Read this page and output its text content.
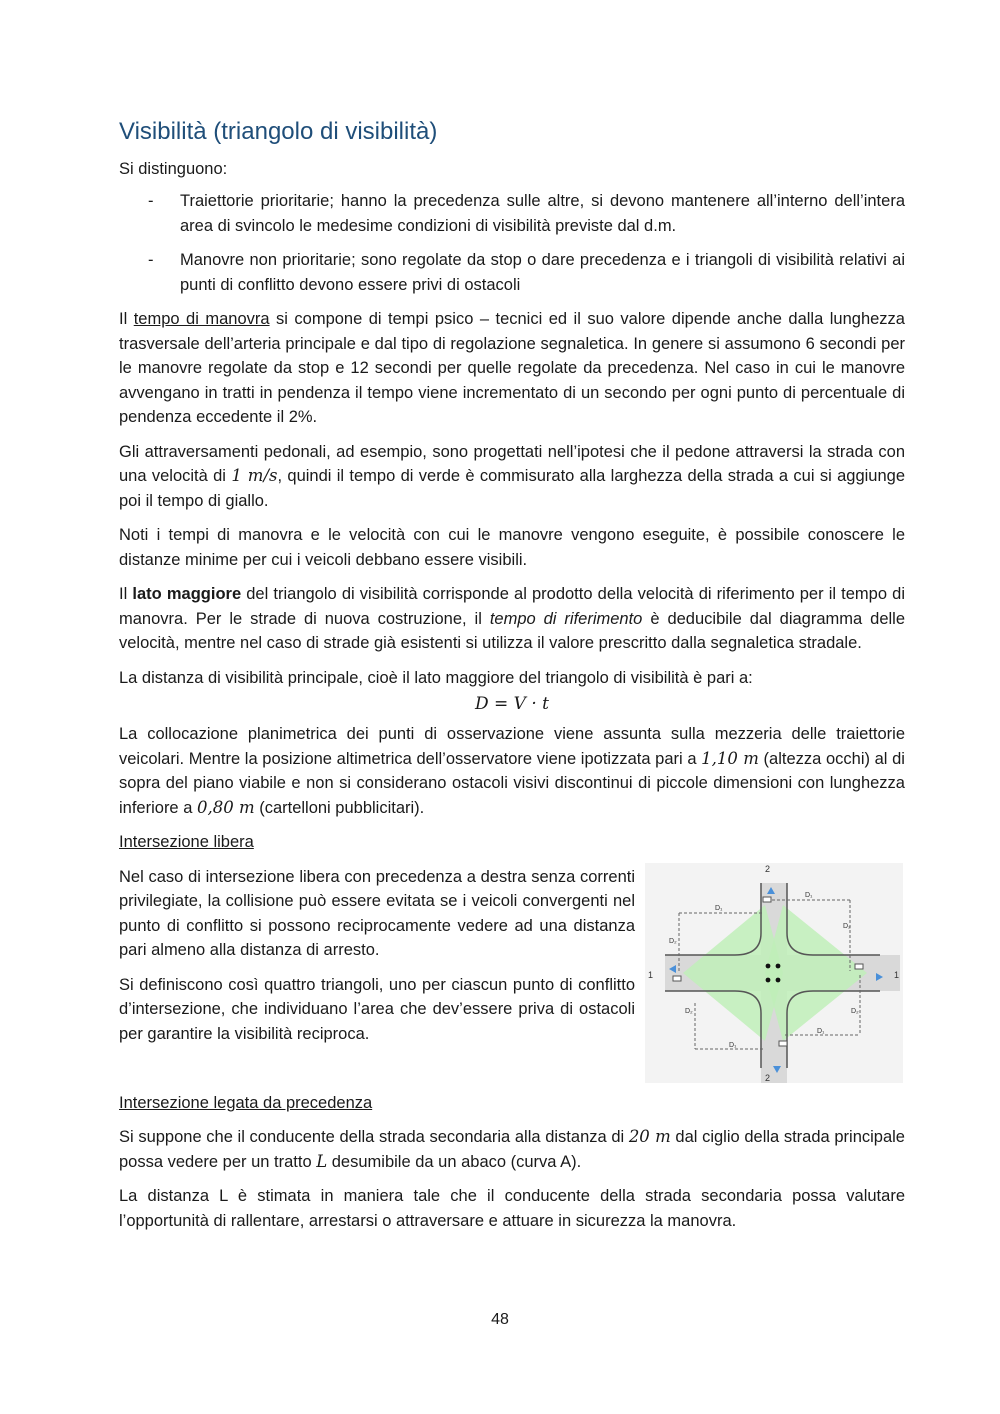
Visibilità (triangolo di visibilità)

Si distinguono:

- Traiettorie prioritarie; hanno la precedenza sulle altre, si devono mantenere all’interno dell’intera area di svincolo le medesime condizioni di visibilità previste dal d.m.
- Manovre non prioritarie; sono regolate da stop o dare precedenza e i triangoli di visibilità relativi ai punti di conflitto devono essere privi di ostacoli

Il tempo di manovra si compone di tempi psico – tecnici ed il suo valore dipende anche dalla lunghezza trasversale dell’arteria principale e dal tipo di regolazione segnaletica. In genere si assumono 6 secondi per le manovre regolate da stop e 12 secondi per quelle regolate da precedenza. Nel caso in cui le manovre avvengano in tratti in pendenza il tempo viene incrementato di un secondo per ogni punto di percentuale di pendenza eccedente il 2%.

Gli attraversamenti pedonali, ad esempio, sono progettati nell’ipotesi che il pedone attraversi la strada con una velocità di 1 m/s, quindi il tempo di verde è commisurato alla larghezza della strada a cui si aggiunge poi il tempo di giallo.

Noti i tempi di manovra e le velocità con cui le manovre vengono eseguite, è possibile conoscere le distanze minime per cui i veicoli debbano essere visibili.

Il lato maggiore del triangolo di visibilità corrisponde al prodotto della velocità di riferimento per il tempo di manovra. Per le strade di nuova costruzione, il tempo di riferimento è deducibile dal diagramma delle velocità, mentre nel caso di strade già esistenti si utilizza il valore prescritto dalla segnaletica stradale.

La distanza di visibilità principale, cioè il lato maggiore del triangolo di visibilità è pari a:

D = V · t

La collocazione planimetrica dei punti di osservazione viene assunta sulla mezzeria delle traiettorie veicolari. Mentre la posizione altimetrica dell’osservatore viene ipotizzata pari a 1,10 m (altezza occhi) al di sopra del piano viabile e non si considerano ostacoli visivi discontinui di piccole dimensioni con lunghezza inferiore a 0,80 m (cartelloni pubblicitari).

Intersezione libera

Nel caso di intersezione libera con precedenza a destra senza correnti privilegiate, la collisione può essere evitata se i veicoli convergenti nel punto di conflitto si possono reciprocamente vedere ad una distanza pari almeno alla distanza di arresto.

Si definiscono così quattro triangoli, uno per ciascun punto di conflitto d’intersezione, che individuano l’area che dev’essere priva di ostacoli per garantire la visibilità reciproca.

2
2
1
1
D₁
D₁
D₁
D₁
D₂
D₂
D₂	D₂
Intersezione legata da precedenza

Si suppone che il conducente della strada secondaria alla distanza di 20 m dal ciglio della strada principale possa vedere per un tratto L desumibile da un abaco (curva A).

La distanza L è stimata in maniera tale che il conducente della strada secondaria possa valutare l’opportunità di rallentare, arrestarsi o attraversare e attuare in sicurezza la manovra.

48
